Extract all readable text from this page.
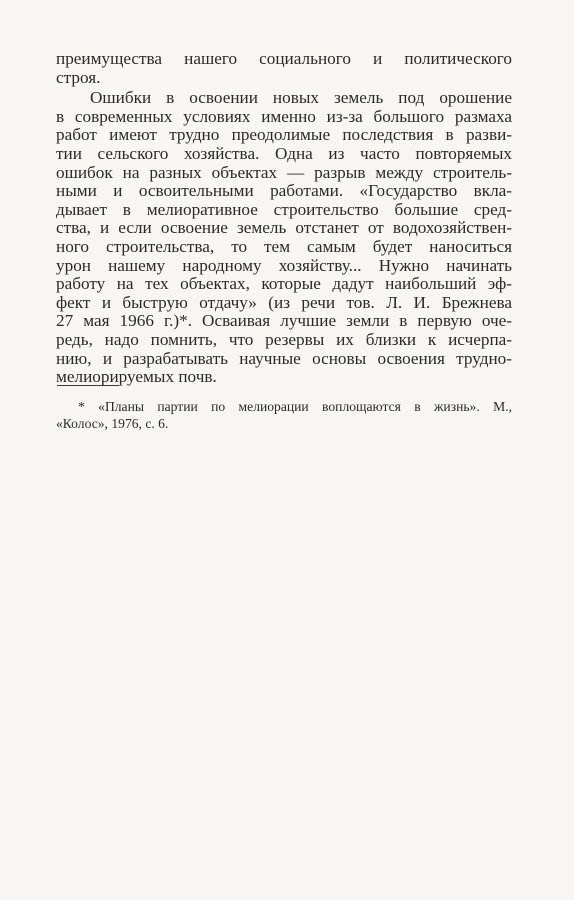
преимущества нашего социального и политического
строя.
Ошибки в освоении новых земель под орошение
в современных условиях именно из-за большого размаха
работ имеют трудно преодолимые последствия в разви-
тии сельского хозяйства. Одна из часто повторяемых
ошибок на разных объектах — разрыв между строитель-
ными и освоительными работами. «Государство вкла-
дывает в мелиоративное строительство большие сред-
ства, и если освоение земель отстанет от водохозяйствен-
ного строительства, то тем самым будет наноситься
урон нашему народному хозяйству... Нужно начинать
работу на тех объектах, которые дадут наибольший эф-
фект и быструю отдачу» (из речи тов. Л. И. Брежнева
27 мая 1966 г.)*. Осваивая лучшие земли в первую оче-
редь, надо помнить, что резервы их близки к исчерпа-
нию, и разрабатывать научные основы освоения трудно-
мелиорируемых почв.
* «Планы партии по мелиорации воплощаются в жизнь». М.,
«Колос», 1976, с. 6.
